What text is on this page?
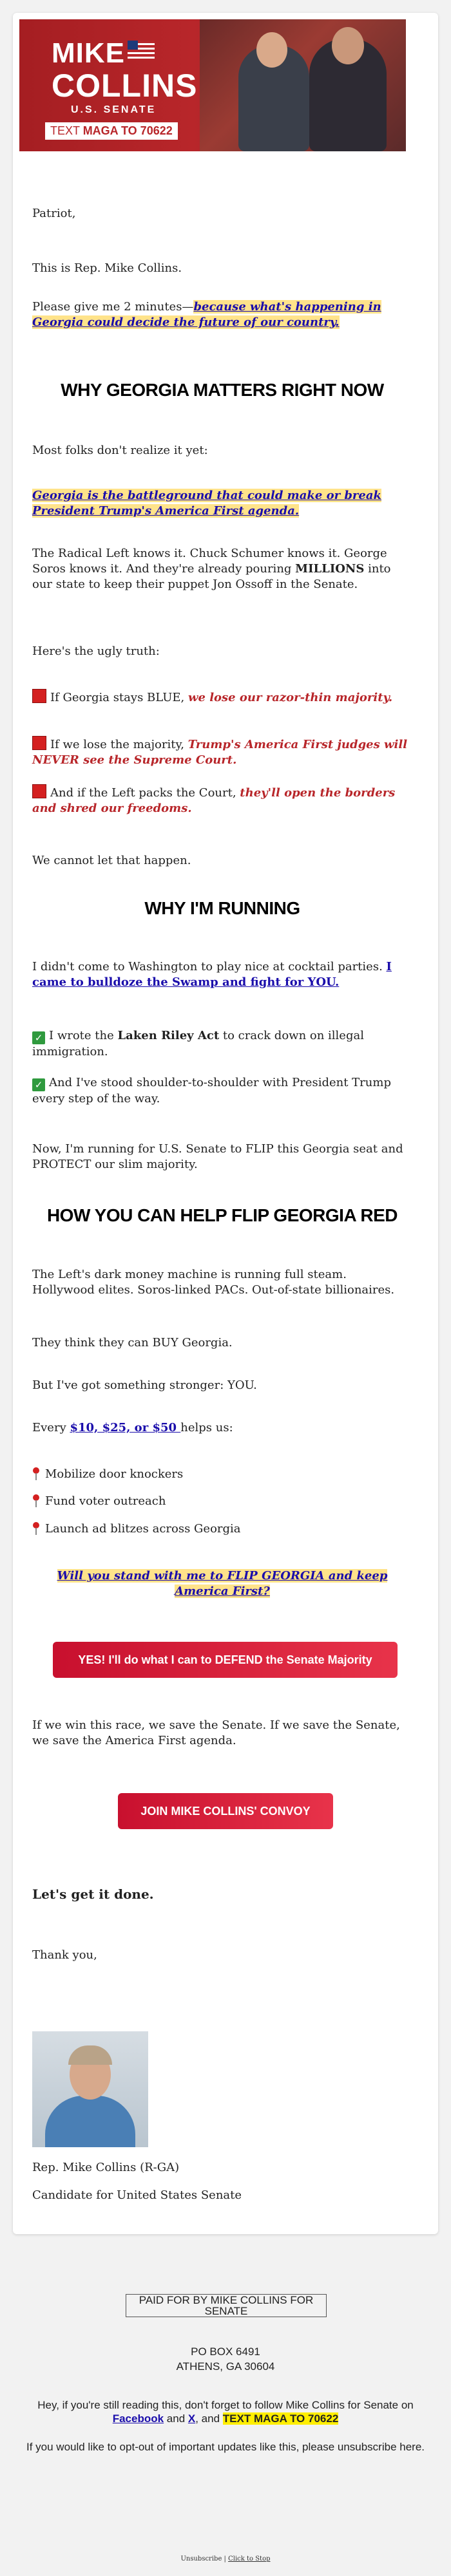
MIKE
COLLINS
U.S. SENATE
TEXT MAGA TO 70622
Patriot,
This is Rep. Mike Collins.
Please give me 2 minutes—because what's happening in Georgia could decide the future of our country.
WHY GEORGIA MATTERS RIGHT NOW
Most folks don't realize it yet:
Georgia is the battleground that could make or break President Trump's America First agenda.
The Radical Left knows it. Chuck Schumer knows it. George Soros knows it. And they're already pouring MILLIONS into our state to keep their puppet Jon Ossoff in the Senate.
Here's the ugly truth:
If Georgia stays BLUE, we lose our razor-thin majority.
If we lose the majority, Trump's America First judges will NEVER see the Supreme Court.
And if the Left packs the Court, they'll open the borders and shred our freedoms.
We cannot let that happen.
WHY I'M RUNNING
I didn't come to Washington to play nice at cocktail parties. I came to bulldoze the Swamp and fight for YOU.
✓ I wrote the Laken Riley Act to crack down on illegal immigration.
✓ And I've stood shoulder-to-shoulder with President Trump every step of the way.
Now, I'm running for U.S. Senate to FLIP this Georgia seat and PROTECT our slim majority.
HOW YOU CAN HELP FLIP GEORGIA RED
The Left's dark money machine is running full steam. Hollywood elites. Soros-linked PACs. Out-of-state billionaires.
They think they can BUY Georgia.
But I've got something stronger: YOU.
Every $10, $25, or $50 helps us:
Mobilize door knockers
Fund voter outreach
Launch ad blitzes across Georgia
Will you stand with me to FLIP GEORGIA and keep America First?
YES! I'll do what I can to DEFEND the Senate Majority
If we win this race, we save the Senate. If we save the Senate, we save the America First agenda.
JOIN MIKE COLLINS' CONVOY
Let's get it done.
Thank you,
Rep. Mike Collins (R-GA)
Candidate for United States Senate
PAID FOR BY MIKE COLLINS FOR SENATE
PO BOX 6491
ATHENS, GA 30604
Hey, if you're still reading this, don't forget to follow Mike Collins for Senate on Facebook and X, and TEXT MAGA TO 70622
If you would like to opt-out of important updates like this, please unsubscribe here.
Unsubscribe | Click to Stop
